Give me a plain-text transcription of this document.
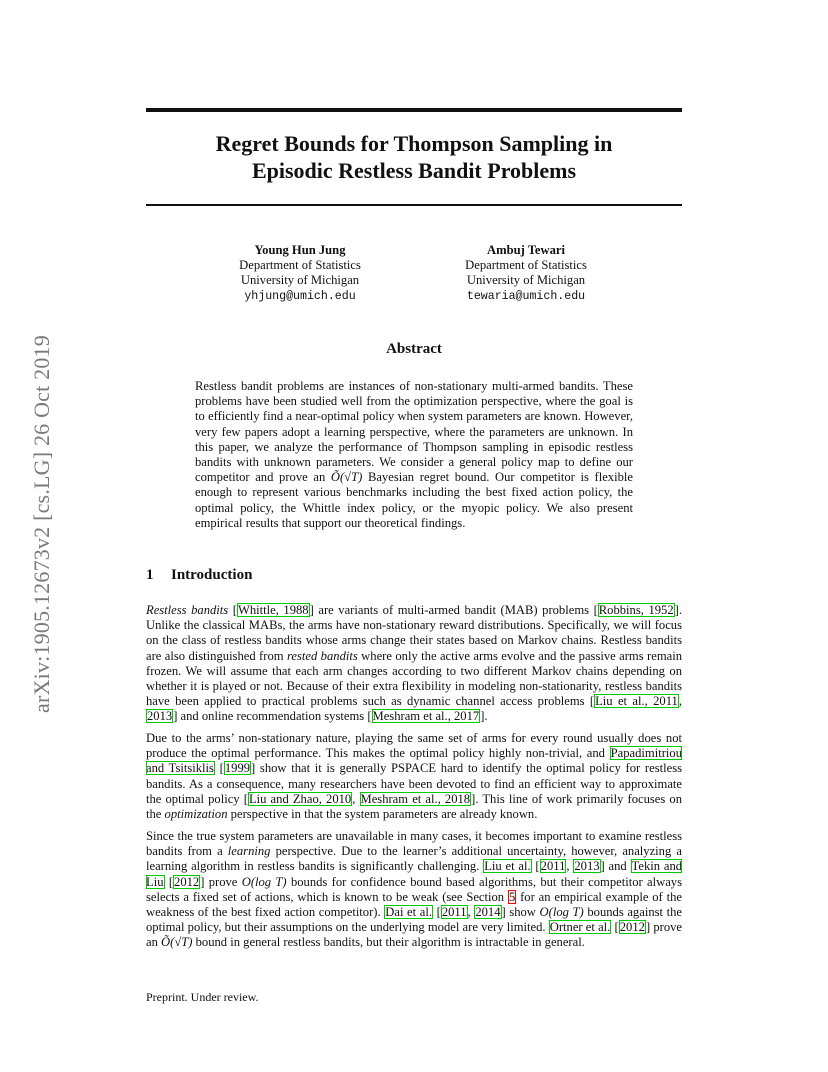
arXiv:1905.12673v2 [cs.LG] 26 Oct 2019
Regret Bounds for Thompson Sampling in
Episodic Restless Bandit Problems
Young Hun Jung
Department of Statistics
University of Michigan
yhjung@umich.edu
Ambuj Tewari
Department of Statistics
University of Michigan
tewaria@umich.edu
Abstract
Restless bandit problems are instances of non-stationary multi-armed bandits. These problems have been studied well from the optimization perspective, where the goal is to efficiently find a near-optimal policy when system parameters are known. However, very few papers adopt a learning perspective, where the parameters are unknown. In this paper, we analyze the performance of Thompson sampling in episodic restless bandits with unknown parameters. We consider a general policy map to define our competitor and prove an Õ(√T) Bayesian regret bound. Our competitor is flexible enough to represent various benchmarks including the best fixed action policy, the optimal policy, the Whittle index policy, or the myopic policy. We also present empirical results that support our theoretical findings.
1 Introduction
Restless bandits [Whittle, 1988] are variants of multi-armed bandit (MAB) problems [Robbins, 1952]. Unlike the classical MABs, the arms have non-stationary reward distributions. Specifically, we will focus on the class of restless bandits whose arms change their states based on Markov chains. Restless bandits are also distinguished from rested bandits where only the active arms evolve and the passive arms remain frozen. We will assume that each arm changes according to two different Markov chains depending on whether it is played or not. Because of their extra flexibility in modeling non-stationarity, restless bandits have been applied to practical problems such as dynamic channel access problems [Liu et al., 2011, 2013] and online recommendation systems [Meshram et al., 2017].
Due to the arms’ non-stationary nature, playing the same set of arms for every round usually does not produce the optimal performance. This makes the optimal policy highly non-trivial, and Papadimitriou and Tsitsiklis [1999] show that it is generally PSPACE hard to identify the optimal policy for restless bandits. As a consequence, many researchers have been devoted to find an efficient way to approximate the optimal policy [Liu and Zhao, 2010, Meshram et al., 2018]. This line of work primarily focuses on the optimization perspective in that the system parameters are already known.
Since the true system parameters are unavailable in many cases, it becomes important to examine restless bandits from a learning perspective. Due to the learner’s additional uncertainty, however, analyzing a learning algorithm in restless bandits is significantly challenging. Liu et al. [2011, 2013] and Tekin and Liu [2012] prove O(log T) bounds for confidence bound based algorithms, but their competitor always selects a fixed set of actions, which is known to be weak (see Section 5 for an empirical example of the weakness of the best fixed action competitor). Dai et al. [2011, 2014] show O(log T) bounds against the optimal policy, but their assumptions on the underlying model are very limited. Ortner et al. [2012] prove an Õ(√T) bound in general restless bandits, but their algorithm is intractable in general.
Preprint. Under review.
